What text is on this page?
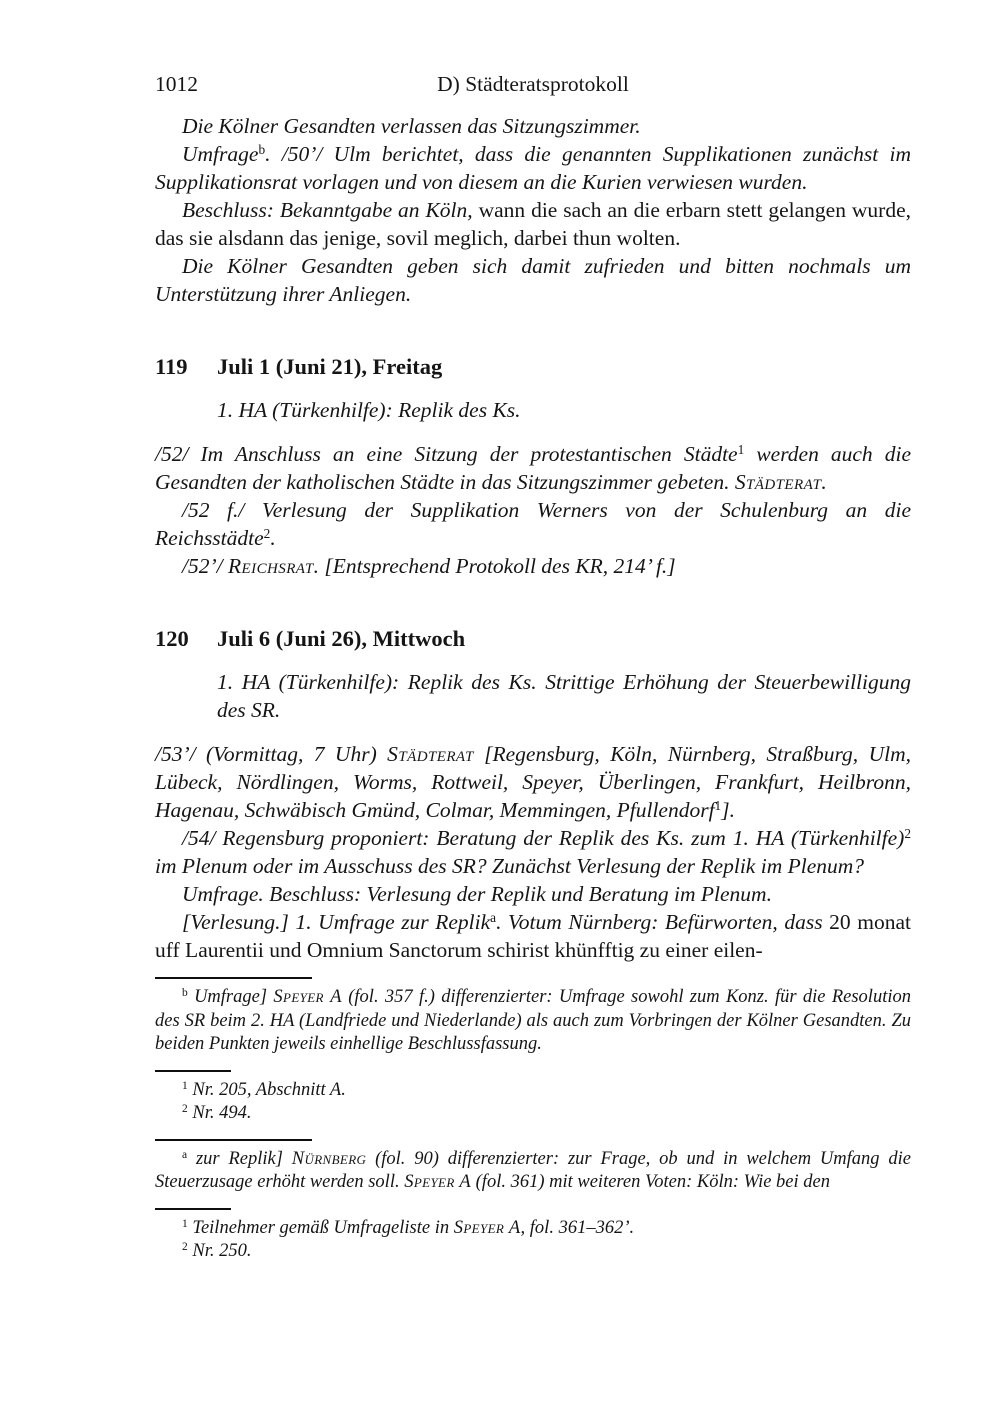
1012	D) Städteratsprotokoll

Die Kölner Gesandten verlassen das Sitzungszimmer.

Umfrage$^b$. /50’/ Ulm berichtet, dass die genannten Supplikationen zunächst im Supplikationsrat vorlagen und von diesem an die Kurien verwiesen wurden.

Beschluss: Bekanntgabe an Köln, wann die sach an die erbarn stett gelangen wurde, das sie alsdann das jenige, sovil meglich, darbei thun wolten.

Die Kölner Gesandten geben sich damit zufrieden und bitten nochmals um Unterstützung ihrer Anliegen.

119 Juli 1 (Juni 21), Freitag

1. HA (Türkenhilfe): Replik des Ks.

/52/ Im Anschluss an eine Sitzung der protestantischen Städte$^1$ werden auch die Gesandten der katholischen Städte in das Sitzungszimmer gebeten. Städterat.

/52 f./ Verlesung der Supplikation Werners von der Schulenburg an die Reichsstädte$^2$.

/52’/ Reichsrat. [Entsprechend Protokoll des KR, 214’ f.]

120 Juli 6 (Juni 26), Mittwoch

1. HA (Türkenhilfe): Replik des Ks. Strittige Erhöhung der Steuerbewilligung des SR.

/53’/ (Vormittag, 7 Uhr) Städterat [Regensburg, Köln, Nürnberg, Straßburg, Ulm, Lübeck, Nördlingen, Worms, Rottweil, Speyer, Überlingen, Frankfurt, Heilbronn, Hagenau, Schwäbisch Gmünd, Colmar, Memmingen, Pfullendorf$^1$].

/54/ Regensburg proponiert: Beratung der Replik des Ks. zum 1. HA (Türkenhilfe)$^2$ im Plenum oder im Ausschuss des SR? Zunächst Verlesung der Replik im Plenum?

Umfrage. Beschluss: Verlesung der Replik und Beratung im Plenum.

[Verlesung.] 1. Umfrage zur Replik$^a$. Votum Nürnberg: Befürworten, dass 20 monat uff Laurentii und Omnium Sanctorum schirist khünfftig zu einer eilen-

$^b$ Umfrage] Speyer A (fol. 357 f.) differenzierter: Umfrage sowohl zum Konz. für die Resolution des SR beim 2. HA (Landfriede und Niederlande) als auch zum Vorbringen der Kölner Gesandten. Zu beiden Punkten jeweils einhellige Beschlussfassung.

$^1$ Nr. 205, Abschnitt A.

$^2$ Nr. 494.

$^a$ zur Replik] Nürnberg (fol. 90) differenzierter: zur Frage, ob und in welchem Umfang die Steuerzusage erhöht werden soll. Speyer A (fol. 361) mit weiteren Voten: Köln: Wie bei den

$^1$ Teilnehmer gemäß Umfrageliste in Speyer A, fol. 361–362’.

$^2$ Nr. 250.
